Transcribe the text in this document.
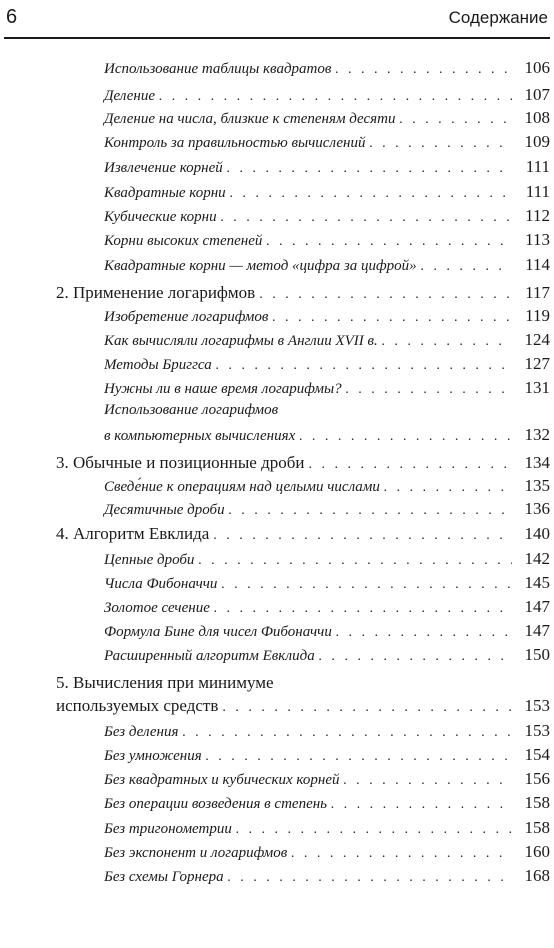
6	Содержание
Использование таблицы квадратов . . .	106
Деление . . .	107
Деление на числа, близкие к степеням десяти . . .	108
Контроль за правильностью вычислений . . .	109
Извлечение корней . . .	111
Квадратные корни . . .	111
Кубические корни . . .	112
Корни высоких степеней . . .	113
Квадратные корни — метод «цифра за цифрой» . . .	114
2. Применение логарифмов . . .	117
Изобретение логарифмов . . .	119
Как вычисляли логарифмы в Англии XVII в. . . .	124
Методы Бриггса . . .	127
Нужны ли в наше время логарифмы? . . .	131
Использование логарифмов
в компьютерных вычислениях . . .	132
3. Обычные и позиционные дроби . . .	134
Сведе́ние к операциям над целыми числами . . .	135
Десятичные дроби . . .	136
4. Алгоритм Евклида . . .	140
Цепные дроби . . .	142
Числа Фибоначчи . . .	145
Золотое сечение . . .	147
Формула Бине для чисел Фибоначчи . . .	147
Расширенный алгоритм Евклида . . .	150
5. Вычисления при минимуме
используемых средств . . .	153
Без деления . . .	153
Без умножения . . .	154
Без квадратных и кубических корней . . .	156
Без операции возведения в степень . . .	158
Без тригонометрии . . .	158
Без экспонент и логарифмов . . .	160
Без схемы Горнера . . .	168
